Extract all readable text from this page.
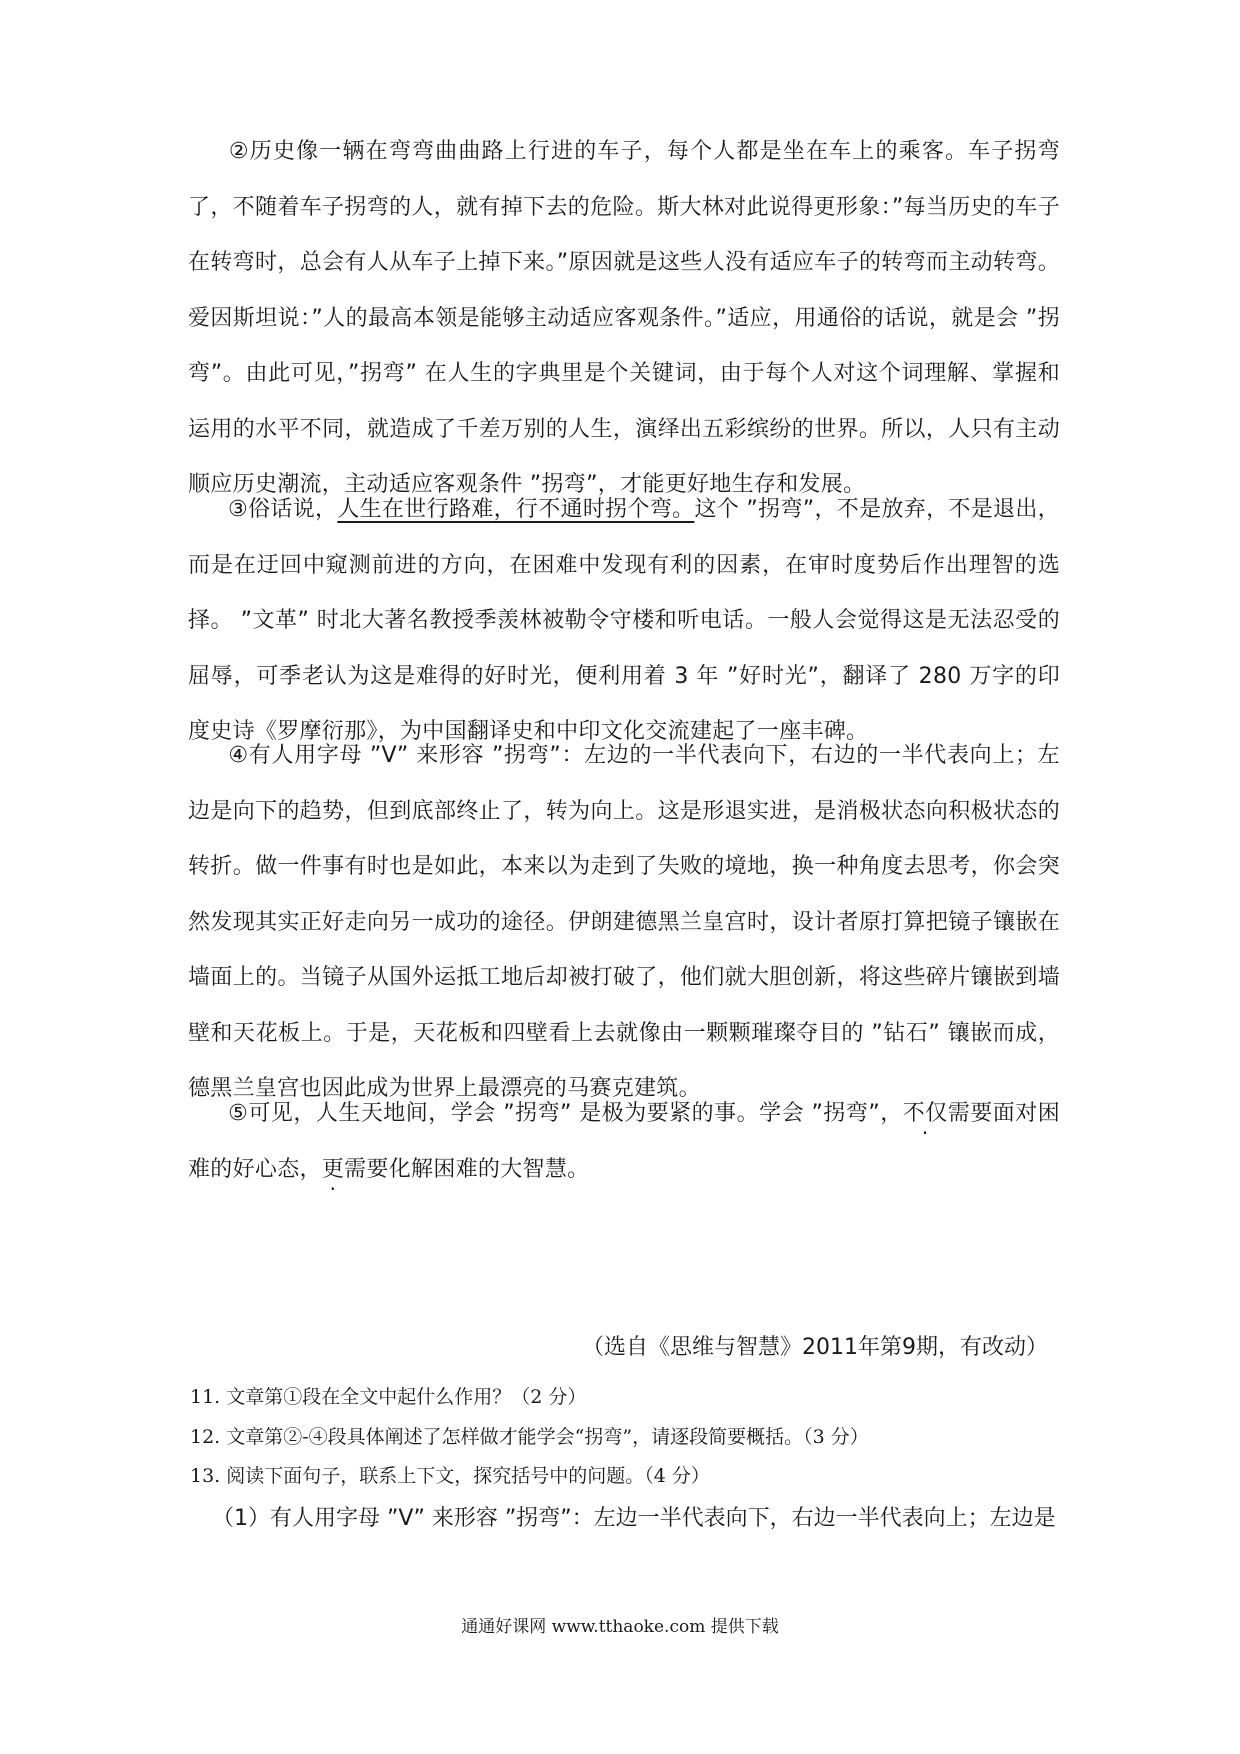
②历史像一辆在弯弯曲曲路上行进的车子，每个人都是坐在车上的乘客。车子拐弯了，不随着车子拐弯的人，就有掉下去的危险。斯大林对此说得更形象：”每当历史的车子在转弯时，总会有人从车子上掉下来。”原因就是这些人没有适应车子的转弯而主动转弯。爱因斯坦说：”人的最高本领是能够主动适应客观条件。”适应，用通俗的话说，就是会 ”拐弯”。由此可见，”拐弯” 在人生的字典里是个关键词，由于每个人对这个词理解、掌握和运用的水平不同，就造成了千差万别的人生，演绎出五彩缤纷的世界。所以，人只有主动顺应历史潮流，主动适应客观条件 ”拐弯”，才能更好地生存和发展。

③俗话说，人生在世行路难，行不通时拐个弯。这个 ”拐弯”，不是放弃，不是退出，而是在迂回中窥测前进的方向，在困难中发现有利的因素，在审时度势后作出理智的选择。 ”文革” 时北大著名教授季羡林被勒令守楼和听电话。一般人会觉得这是无法忍受的屈辱，可季老认为这是难得的好时光，便利用着 3 年 ”好时光”，翻译了 280 万字的印度史诗《罗摩衍那》，为中国翻译史和中印文化交流建起了一座丰碑。

④有人用字母 ”V” 来形容 ”拐弯”：左边的一半代表向下，右边的一半代表向上；左边是向下的趋势，但到底部终止了，转为向上。这是形退实进，是消极状态向积极状态的转折。做一件事有时也是如此，本来以为走到了失败的境地，换一种角度去思考，你会突然发现其实正好走向另一成功的途径。伊朗建德黑兰皇宫时，设计者原打算把镜子镶嵌在墙面上的。当镜子从国外运抵工地后却被打破了，他们就大胆创新，将这些碎片镶嵌到墙壁和天花板上。于是，天花板和四壁看上去就像由一颗颗璀璨夺目的 ”钻石” 镶嵌而成，德黑兰皇宫也因此成为世界上最漂亮的马赛克建筑。

⑤可见，人生天地间，学会 ”拐弯” 是极为要紧的事。学会 ”拐弯”，不仅需要面对困难的好心态，更需要化解困难的大智慧。

（选自《思维与智慧》2011年第9期，有改动）

11. 文章第①段在全文中起什么作用？（2 分）

12. 文章第②-④段具体阐述了怎样做才能学会“拐弯”，请逐段简要概括。（3 分）

13. 阅读下面句子，联系上下文，探究括号中的问题。（4 分）

（1）有人用字母 ”V” 来形容 ”拐弯”：左边一半代表向下，右边一半代表向上；左边是

通通好课网 www.tthaoke.com 提供下载
